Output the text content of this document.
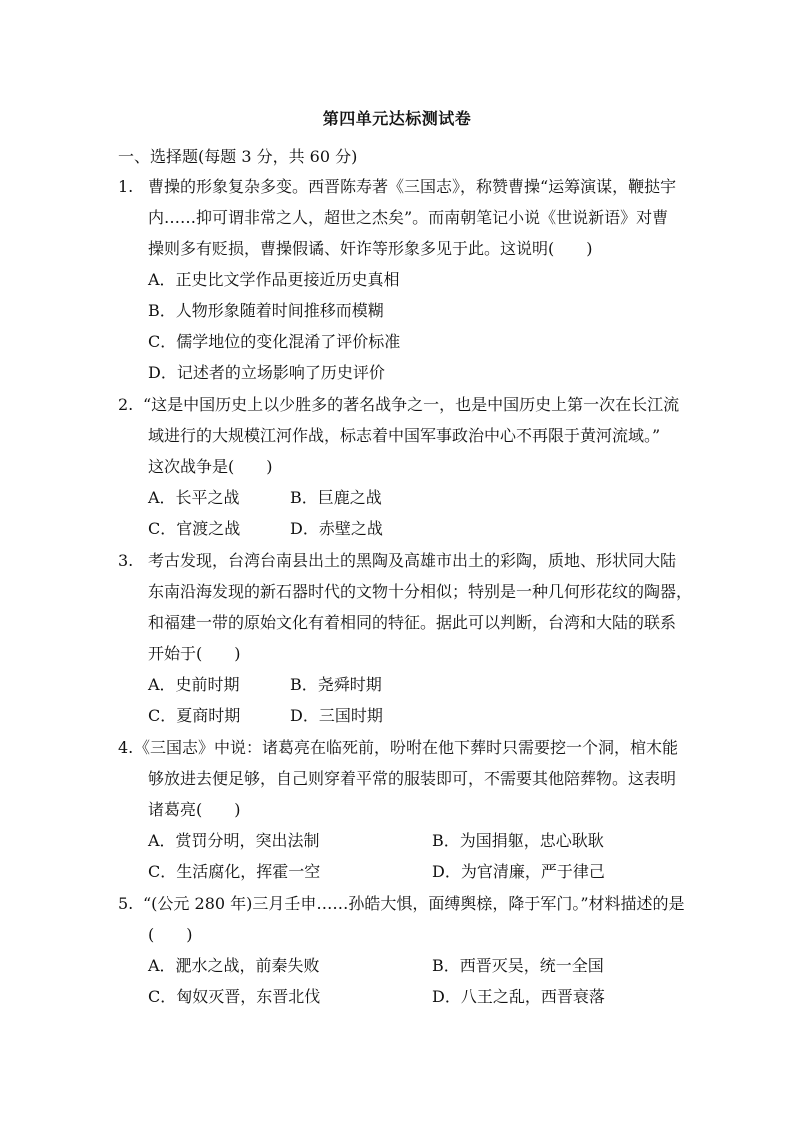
第四单元达标测试卷
一、选择题(每题 3 分，共 60 分)
1. 曹操的形象复杂多变。西晋陈寿著《三国志》，称赞曹操“运筹演谋，鞭挞宇
内……抑可谓非常之人，超世之杰矣”。而南朝笔记小说《世说新语》对曹
操则多有贬损，曹操假谲、奸诈等形象多见于此。这说明(　　)
A．正史比文学作品更接近历史真相
B．人物形象随着时间推移而模糊
C．儒学地位的变化混淆了评价标准
D．记述者的立场影响了历史评价
2. “这是中国历史上以少胜多的著名战争之一，也是中国历史上第一次在长江流
域进行的大规模江河作战，标志着中国军事政治中心不再限于黄河流域。”
这次战争是(　　)
A．长平之战	B．巨鹿之战
C．官渡之战	D．赤壁之战
3. 考古发现，台湾台南县出土的黑陶及高雄市出土的彩陶，质地、形状同大陆
东南沿海发现的新石器时代的文物十分相似；特别是一种几何形花纹的陶器，
和福建一带的原始文化有着相同的特征。据此可以判断，台湾和大陆的联系
开始于(　　)
A．史前时期	B．尧舜时期
C．夏商时期	D．三国时期
4. 《三国志》中说：诸葛亮在临死前，吩咐在他下葬时只需要挖一个洞，棺木能
够放进去便足够，自己则穿着平常的服装即可，不需要其他陪葬物。这表明
诸葛亮(　　)
A．赏罚分明，突出法制	B．为国捐躯，忠心耿耿
C．生活腐化，挥霍一空	D．为官清廉，严于律己
5. “(公元 280 年)三月壬申……孙皓大惧，面缚舆榇，降于军门。”材料描述的是
(　　)
A．淝水之战，前秦失败	B．西晋灭吴，统一全国
C．匈奴灭晋，东晋北伐	D．八王之乱，西晋衰落
